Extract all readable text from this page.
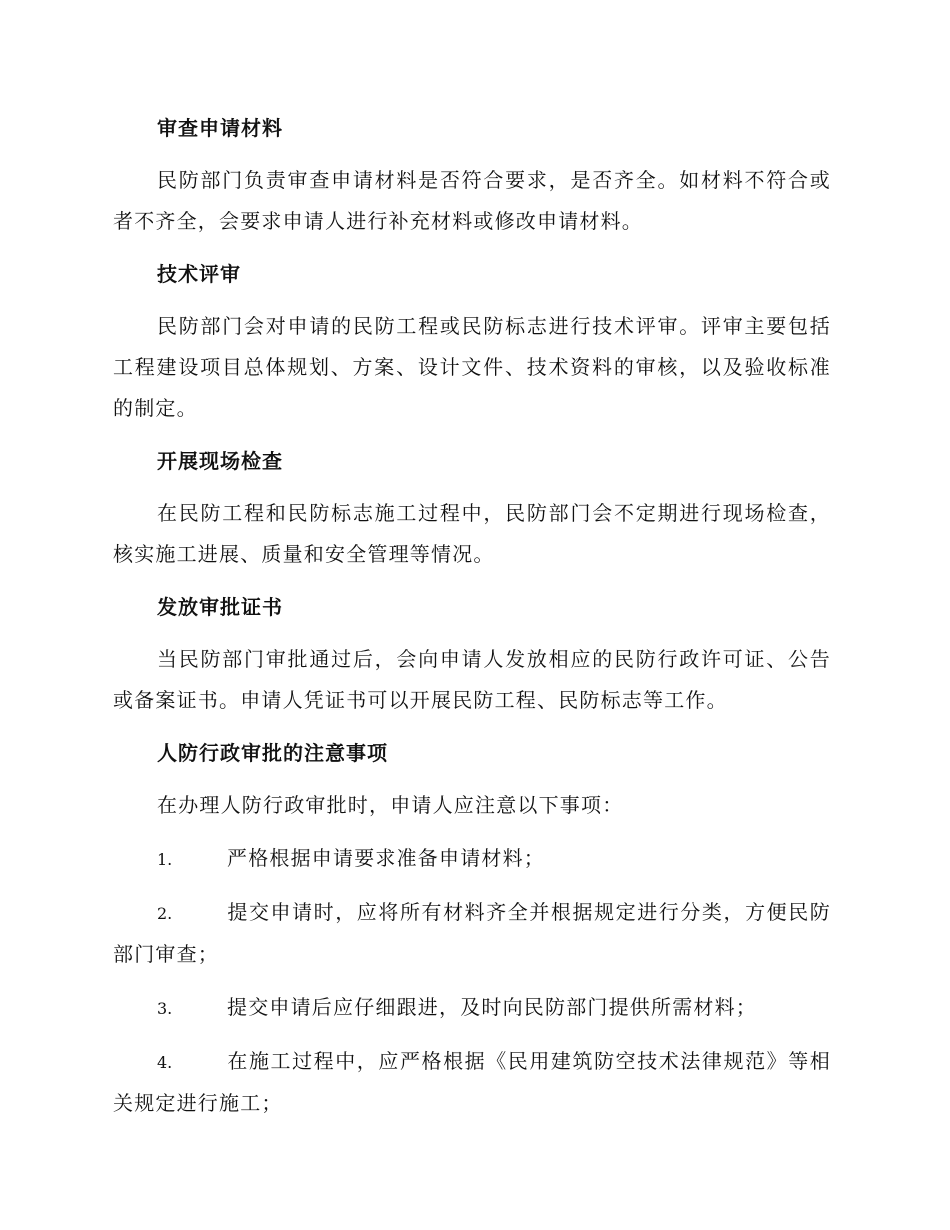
审查申请材料

民防部门负责审查申请材料是否符合要求，是否齐全。如材料不符合或者不齐全，会要求申请人进行补充材料或修改申请材料。

技术评审

民防部门会对申请的民防工程或民防标志进行技术评审。评审主要包括工程建设项目总体规划、方案、设计文件、技术资料的审核，以及验收标准的制定。

开展现场检查

在民防工程和民防标志施工过程中，民防部门会不定期进行现场检查，核实施工进展、质量和安全管理等情况。

发放审批证书

当民防部门审批通过后，会向申请人发放相应的民防行政许可证、公告或备案证书。申请人凭证书可以开展民防工程、民防标志等工作。

人防行政审批的注意事项

在办理人防行政审批时，申请人应注意以下事项：

1.	严格根据申请要求准备申请材料；

2.	提交申请时，应将所有材料齐全并根据规定进行分类，方便民防部门审查；

3.	提交申请后应仔细跟进，及时向民防部门提供所需材料；

4.	在施工过程中，应严格根据《民用建筑防空技术法律规范》等相关规定进行施工；
